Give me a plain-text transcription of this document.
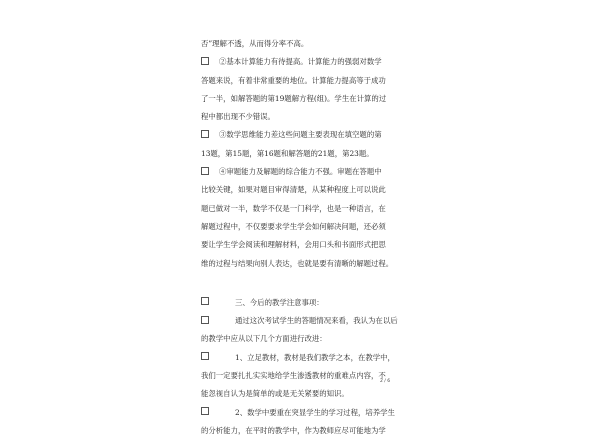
否”理解不透，从而得分率不高。
②基本计算能力有待提高。计算能力的强弱对数学
答题来说，有着非常重要的地位。计算能力提高等于成功
了一半，如解答题的第19题解方程(组)。学生在计算的过
程中都出现不少错误。
③数学思维能力差这些问题主要表现在填空题的第
13题，第15题，第16题和解答题的21题，第23题。
④审题能力及解题的综合能力不强。审题在答题中
比较关键，如果对题目审得清楚，从某种程度上可以说此
题已做对一半，数学不仅是一门科学，也是一种语言，在
解题过程中，不仅要要求学生学会如何解决问题，还必须
要让学生学会阅读和理解材料，会用口头和书面形式把思
维的过程与结果向别人表达，也就是要有清晰的解题过程。
三、今后的教学注意事项：
通过这次考试学生的答题情况来看，我认为在以后
的教学中应从以下几个方面进行改进：
1、立足教材，教材是我们教学之本，在教学中，
我们一定要扎扎实实地给学生渗透教材的重难点内容，不
能忽视自认为是简单的或是无关紧要的知识。
2、数学中要重在突显学生的学习过程，培养学生
的分析能力，在平时的教学中，作为教师应尽可能地为学
2 / 6
